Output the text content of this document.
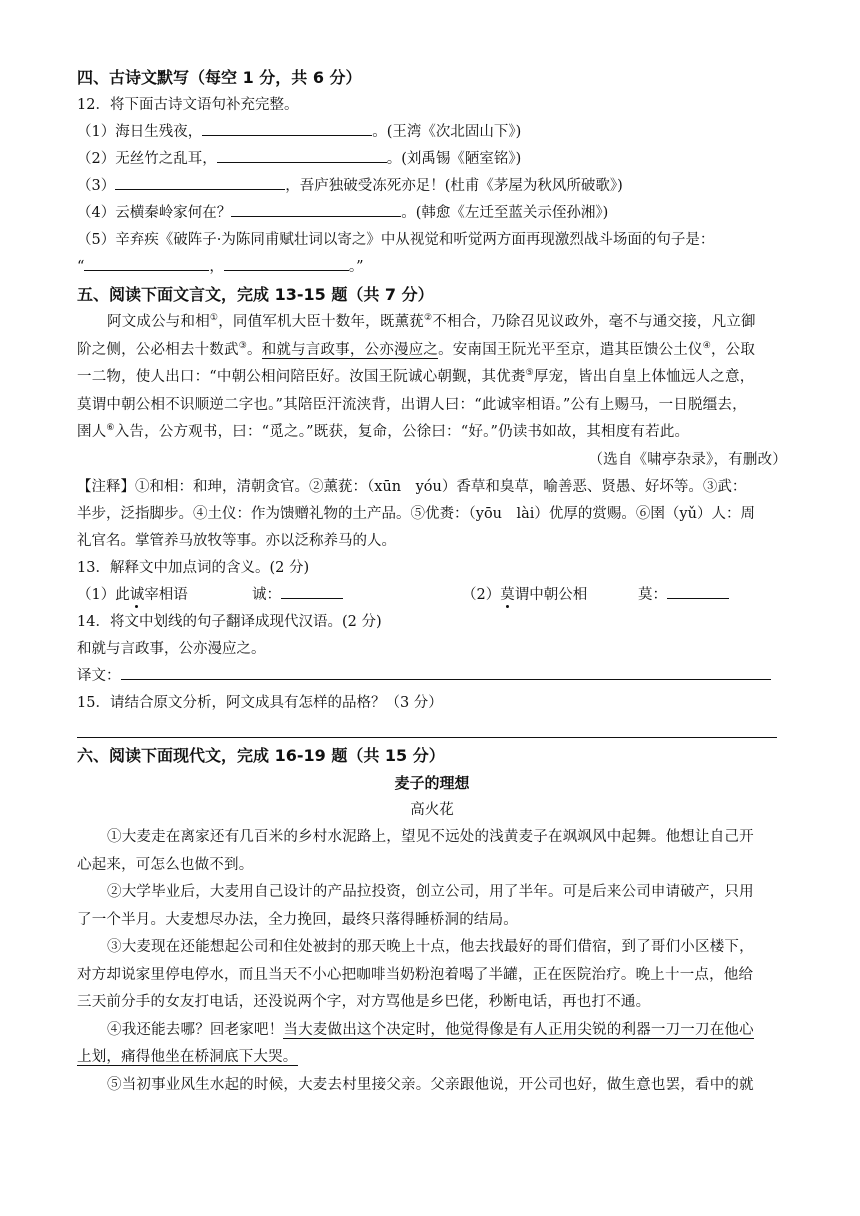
四、古诗文默写（每空 1 分，共 6 分）
12．将下面古诗文语句补充完整。
（1）海日生残夜，	。(王湾《次北固山下》)
（2）无丝竹之乱耳，	。(刘禹锡《陋室铭》)
（3）	，吾庐独破受冻死亦足！(杜甫《茅屋为秋风所破歌》)
（4）云横秦岭家何在？	。(韩愈《左迁至蓝关示侄孙湘》)
（5）辛弃疾《破阵子·为陈同甫赋壮词以寄之》中从视觉和听觉两方面再现激烈战斗场面的句子是：
“	，	。”
五、阅读下面文言文，完成 13-15 题（共 7 分）
阿文成公与和相①，同值军机大臣十数年，既薰莸②不相合，乃除召见议政外，毫不与通交接，凡立御
阶之侧，公必相去十数武③。和就与言政事，公亦漫应之。安南国王阮光平至京，遣其臣馈公土仪④，公取
一二物，使人出口：“中朝公相问陪臣好。汝国王阮诚心朝觐，其优赉⑤厚宠，皆出自皇上体恤远人之意，
莫谓中朝公相不识顺逆二字也。”其陪臣汗流浃背，出谓人曰：“此诚宰相语。”公有上赐马，一日脱缰去，
圉人⑥入告，公方观书，曰：“觅之。”既获，复命，公徐曰：“好。”仍读书如故，其相度有若此。
（选自《啸亭杂录》，有删改）
【注释】①和相：和珅，清朝贪官。②薰莸：（xūn　yóu）香草和臭草，喻善恶、贤愚、好坏等。③武：
半步，泛指脚步。④土仪：作为馈赠礼物的土产品。⑤优赉：（yōu　lài）优厚的赏赐。⑥圉（yǔ）人：周
礼官名。掌管养马放牧等事。亦以泛称养马的人。
13．解释文中加点词的含义。(2 分)
（1）此诚宰相语	诚：	（2）莫谓中朝公相	莫：
14．将文中划线的句子翻译成现代汉语。(2 分)
和就与言政事，公亦漫应之。
译文：
15．请结合原文分析，阿文成具有怎样的品格？（3 分）
六、阅读下面现代文，完成 16-19 题（共 15 分）
麦子的理想
高火花
①大麦走在离家还有几百米的乡村水泥路上，望见不远处的浅黄麦子在飒飒风中起舞。他想让自己开
心起来，可怎么也做不到。
②大学毕业后，大麦用自己设计的产品拉投资，创立公司，用了半年。可是后来公司申请破产，只用
了一个半月。大麦想尽办法，全力挽回，最终只落得睡桥洞的结局。
③大麦现在还能想起公司和住处被封的那天晚上十点，他去找最好的哥们借宿，到了哥们小区楼下，
对方却说家里停电停水，而且当天不小心把咖啡当奶粉泡着喝了半罐，正在医院治疗。晚上十一点，他给
三天前分手的女友打电话，还没说两个字，对方骂他是乡巴佬，秒断电话，再也打不通。
④我还能去哪？回老家吧！当大麦做出这个决定时，他觉得像是有人正用尖锐的利器一刀一刀在他心
上划，痛得他坐在桥洞底下大哭。
⑤当初事业风生水起的时候，大麦去村里接父亲。父亲跟他说，开公司也好，做生意也罢，看中的就
